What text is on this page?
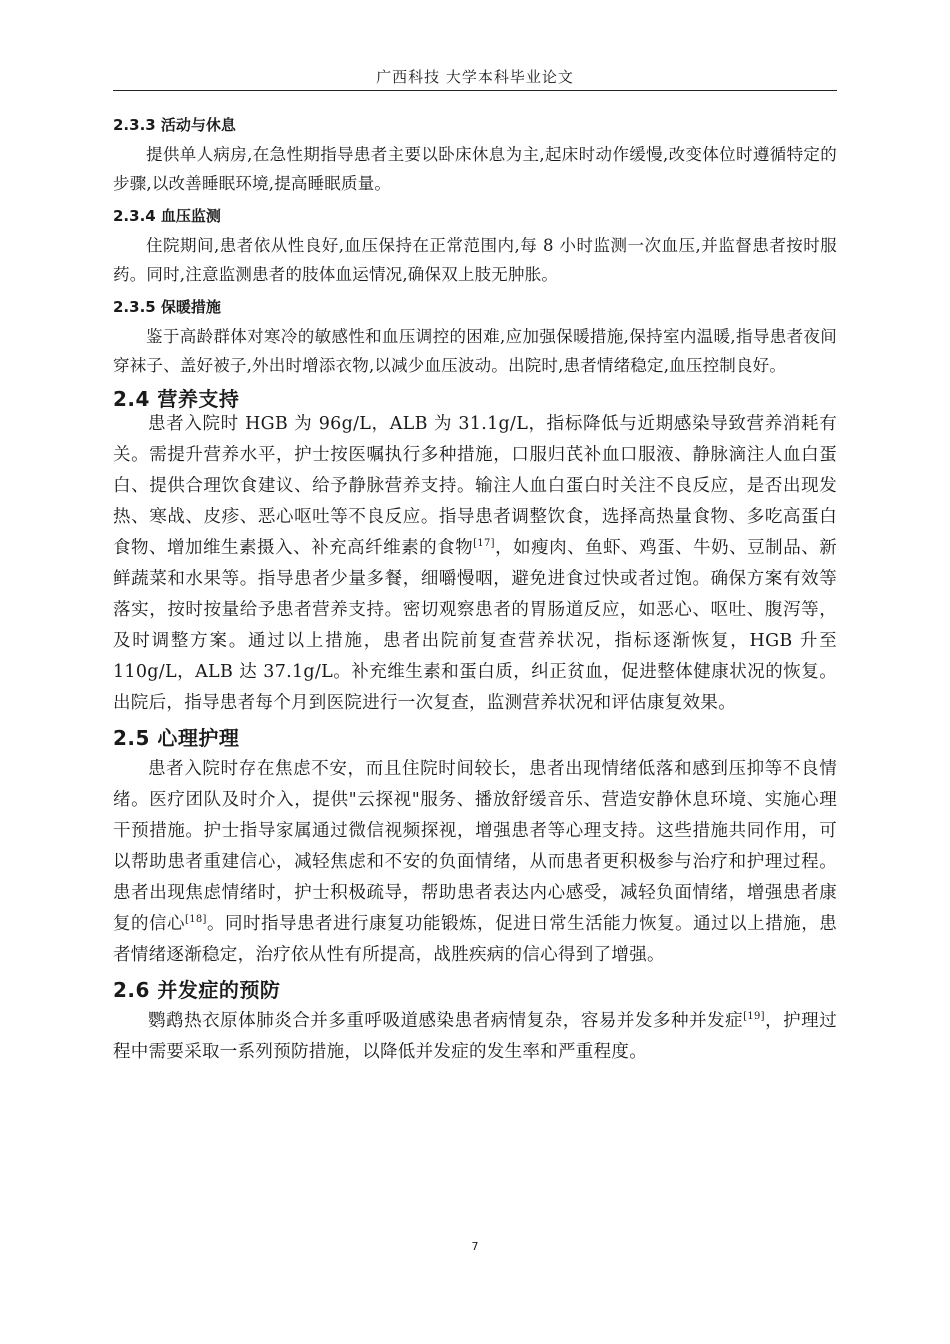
广西科技 大学本科毕业论文
2.3.3 活动与休息

提供单人病房,在急性期指导患者主要以卧床休息为主,起床时动作缓慢,改变体位时遵循特定的步骤,以改善睡眠环境,提高睡眠质量。

2.3.4 血压监测

住院期间,患者依从性良好,血压保持在正常范围内,每 8 小时监测一次血压,并监督患者按时服药。同时,注意监测患者的肢体血运情况,确保双上肢无肿胀。

2.3.5 保暖措施

鉴于高龄群体对寒冷的敏感性和血压调控的困难,应加强保暖措施,保持室内温暖,指导患者夜间穿袜子、盖好被子,外出时增添衣物,以减少血压波动。出院时,患者情绪稳定,血压控制良好。

2.4 营养支持

患者入院时 HGB 为 96g/L，ALB 为 31.1g/L，指标降低与近期感染导致营养消耗有关。需提升营养水平，护士按医嘱执行多种措施，口服归芪补血口服液、静脉滴注人血白蛋白、提供合理饮食建议、给予静脉营养支持。输注人血白蛋白时关注不良反应，是否出现发热、寒战、皮疹、恶心呕吐等不良反应。指导患者调整饮食，选择高热量食物、多吃高蛋白食物、增加维生素摄入、补充高纤维素的食物[17]，如瘦肉、鱼虾、鸡蛋、牛奶、豆制品、新鲜蔬菜和水果等。指导患者少量多餐，细嚼慢咽，避免进食过快或者过饱。确保方案有效等落实，按时按量给予患者营养支持。密切观察患者的胃肠道反应，如恶心、呕吐、腹泻等，及时调整方案。通过以上措施，患者出院前复查营养状况，指标逐渐恢复，HGB 升至 110g/L，ALB 达 37.1g/L。补充维生素和蛋白质，纠正贫血，促进整体健康状况的恢复。出院后，指导患者每个月到医院进行一次复查，监测营养状况和评估康复效果。

2.5 心理护理

患者入院时存在焦虑不安，而且住院时间较长，患者出现情绪低落和感到压抑等不良情绪。医疗团队及时介入，提供"云探视"服务、播放舒缓音乐、营造安静休息环境、实施心理干预措施。护士指导家属通过微信视频探视，增强患者等心理支持。这些措施共同作用，可以帮助患者重建信心，减轻焦虑和不安的负面情绪，从而患者更积极参与治疗和护理过程。患者出现焦虑情绪时，护士积极疏导，帮助患者表达内心感受，减轻负面情绪，增强患者康复的信心[18]。同时指导患者进行康复功能锻炼，促进日常生活能力恢复。通过以上措施，患者情绪逐渐稳定，治疗依从性有所提高，战胜疾病的信心得到了增强。

2.6 并发症的预防

鹦鹉热衣原体肺炎合并多重呼吸道感染患者病情复杂，容易并发多种并发症[19]，护理过程中需要采取一系列预防措施，以降低并发症的发生率和严重程度。

7
